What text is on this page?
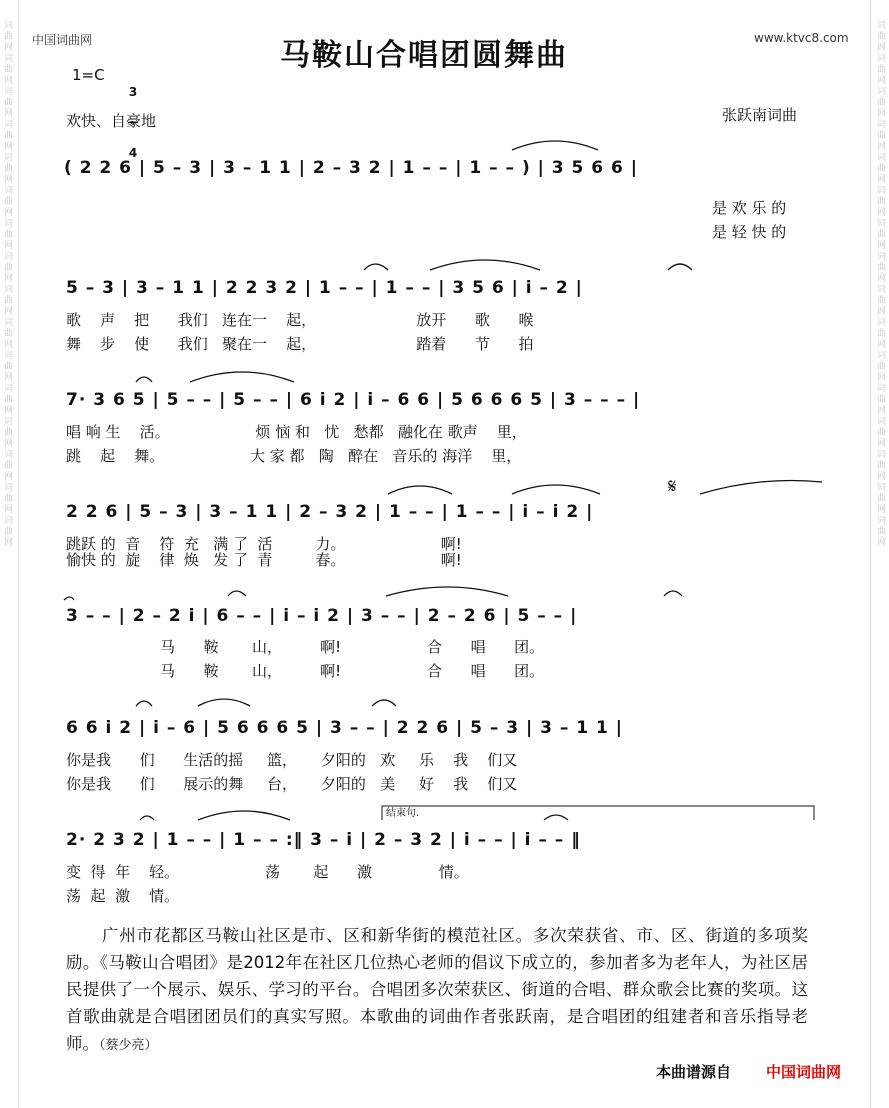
词曲网词曲网词曲网词曲网词曲网词曲网词曲网词曲网词曲网词曲网词曲网词曲网词曲网词曲网词曲网词曲网	词曲网词曲网词曲网词曲网词曲网词曲网词曲网词曲网词曲网词曲网词曲网词曲网词曲网词曲网词曲网词曲网
中国词曲网	www.ktvc8.com
马鞍山合唱团圆舞曲
1=C

3

4

欢快、自豪地	张跃南词曲
( 2 2 6 | 5 – 3 | 3 – 1 1 | 2 – 3 2 | 1 – – | 1 – – ) | 3 5 6 6 |
是 欢 乐 的
是 轻 快 的
5 – 3 | 3 – 1 1 | 2 2 3 2 | 1 – – | 1 – – | 3 5 6 | i – 2 |
歌    声    把      我们   连在一    起，                     放开      歌      喉
舞    步    使      我们   聚在一    起，                     踏着      节      拍
7· 3 6 5 | 5 – – | 5 – – | 6 i 2 | i – 6 6 | 5 6 6 6 5 | 3 – – – |
唱 响 生    活。                  烦 恼 和   忧   愁都   融化在 歌声    里，
跳    起    舞。                  大 家 都   陶   醉在   音乐的 海洋    里，
𝄋
2 2 6 | 5 – 3 | 3 – 1 1 | 2 – 3 2 | 1 – – | 1 – – | i – i 2 |
跳跃 的  音    符  充   满 了  活         力。                    啊!
愉快 的  旋    律  焕   发 了  青         春。                    啊!
3 – – | 2 – 2 i | 6 – – | i – i 2 | 3 – – | 2 – 2 6 | 5 – – |
马      鞍       山，        啊!                  合      唱      团。
马      鞍       山，        啊!                  合      唱      团。
6 6 i 2 | i – 6 | 5 6 6 6 5 | 3 – – | 2 2 6 | 5 – 3 | 3 – 1 1 |
你是我      们      生活的摇     篮，     夕阳的   欢     乐    我    们又
你是我      们      展示的舞     台，     夕阳的   美     好    我    们又
结束句.
2· 2 3 2 | 1 – – | 1 – – :‖ 3 – i | 2 – 3 2 | i – – | i – – ‖
变  得  年    轻。                  荡       起      激              情。
荡  起  激    情。
广州市花都区马鞍山社区是市、区和新华街的模范社区。多次荣获省、市、区、街道的多项奖励。《马鞍山合唱团》是2012年在社区几位热心老师的倡议下成立的，参加者多为老年人，为社区居民提供了一个展示、娱乐、学习的平台。合唱团多次荣获区、街道的合唱、群众歌会比赛的奖项。这首歌曲就是合唱团团员们的真实写照。本歌曲的词曲作者张跃南，是合唱团的组建者和音乐指导老师。（蔡少亮）
本曲谱源自 中国词曲网
